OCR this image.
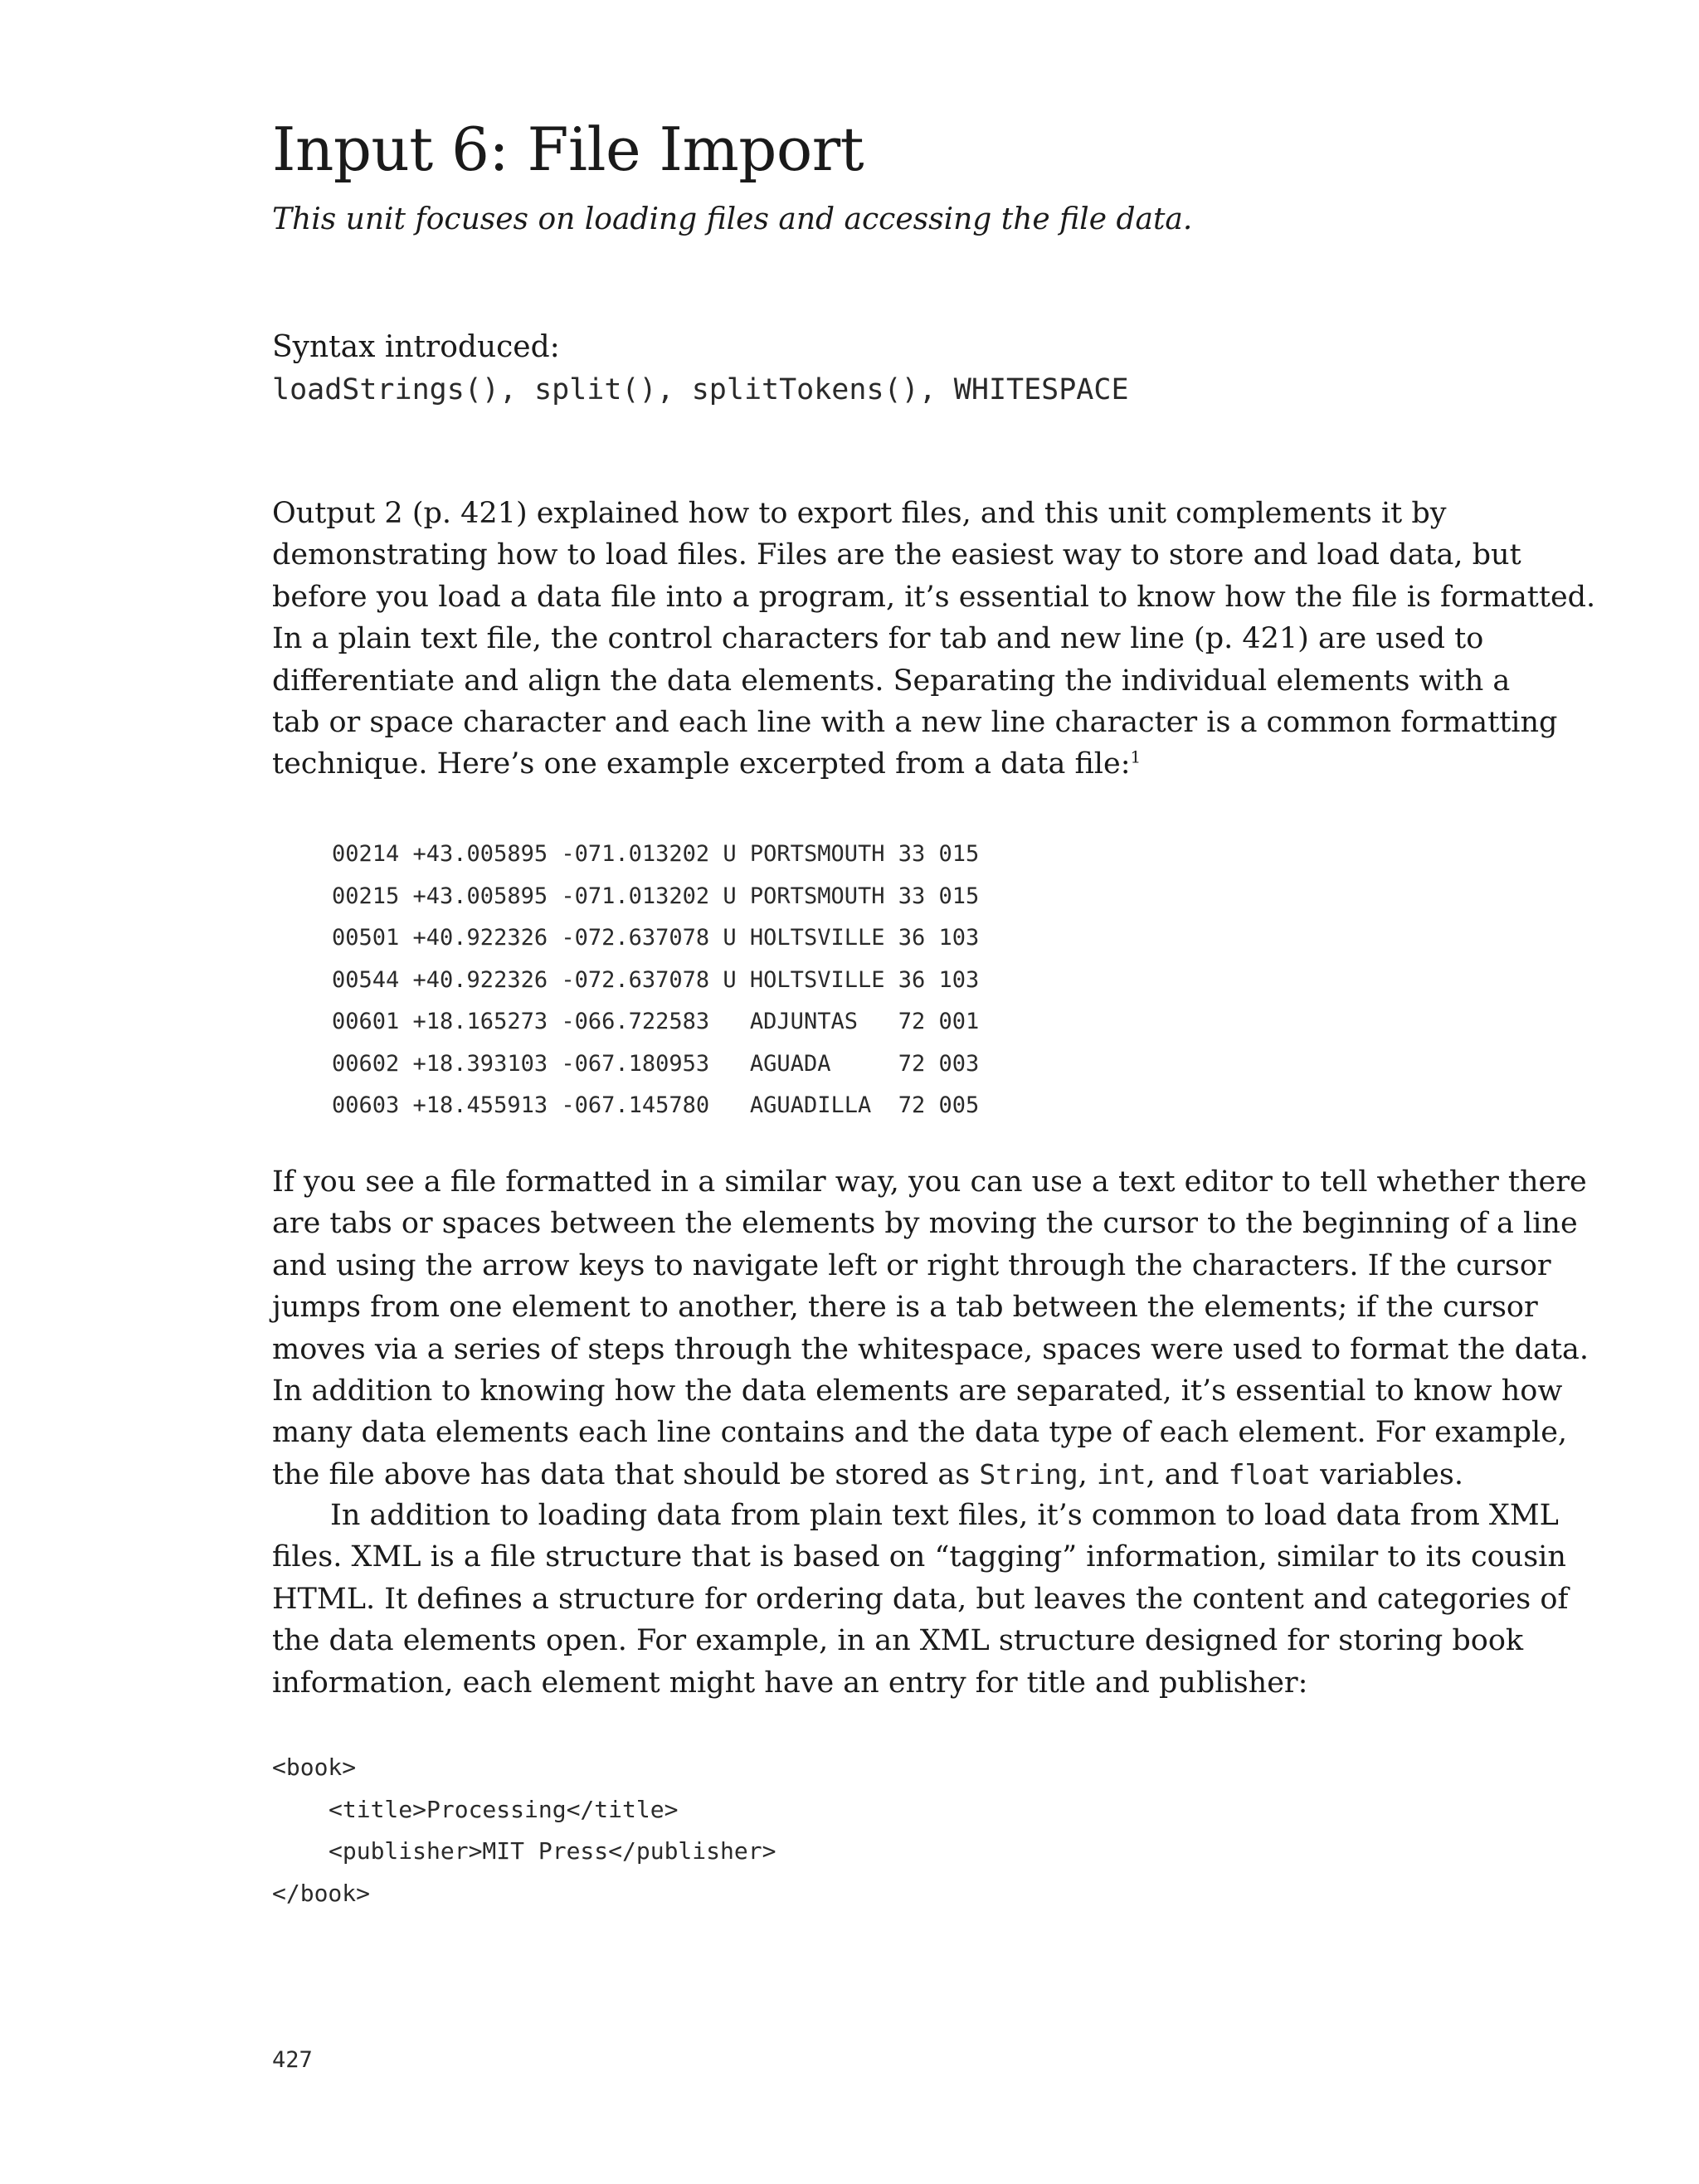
Input 6: File Import

This unit focuses on loading files and accessing the file data.

Syntax introduced:

loadStrings(), split(), splitTokens(), WHITESPACE

Output 2 (p. 421) explained how to export files, and this unit complements it by
demonstrating how to load files. Files are the easiest way to store and load data, but
before you load a data file into a program, it’s essential to know how the file is formatted.
In a plain text file, the control characters for tab and new line (p. 421) are used to
differentiate and align the data elements. Separating the individual elements with a
tab or space character and each line with a new line character is a common formatting
technique. Here’s one example excerpted from a data file:$^1$

00214 +43.005895 -071.013202 U PORTSMOUTH 33 015
00215 +43.005895 -071.013202 U PORTSMOUTH 33 015
00501 +40.922326 -072.637078 U HOLTSVILLE 36 103
00544 +40.922326 -072.637078 U HOLTSVILLE 36 103
00601 +18.165273 -066.722583   ADJUNTAS   72 001
00602 +18.393103 -067.180953   AGUADA     72 003
00603 +18.455913 -067.145780   AGUADILLA  72 005

If you see a file formatted in a similar way, you can use a text editor to tell whether there
are tabs or spaces between the elements by moving the cursor to the beginning of a line
and using the arrow keys to navigate left or right through the characters. If the cursor
jumps from one element to another, there is a tab between the elements; if the cursor
moves via a series of steps through the whitespace, spaces were used to format the data.
In addition to knowing how the data elements are separated, it’s essential to know how
many data elements each line contains and the data type of each element. For example,
the file above has data that should be stored as String, int, and float variables.

In addition to loading data from plain text files, it’s common to load data from XML
files. XML is a file structure that is based on “tagging” information, similar to its cousin
HTML. It defines a structure for ordering data, but leaves the content and categories of
the data elements open. For example, in an XML structure designed for storing book
information, each element might have an entry for title and publisher:

<book>
<title>Processing</title>
<publisher>MIT Press</publisher>
</book>

427
